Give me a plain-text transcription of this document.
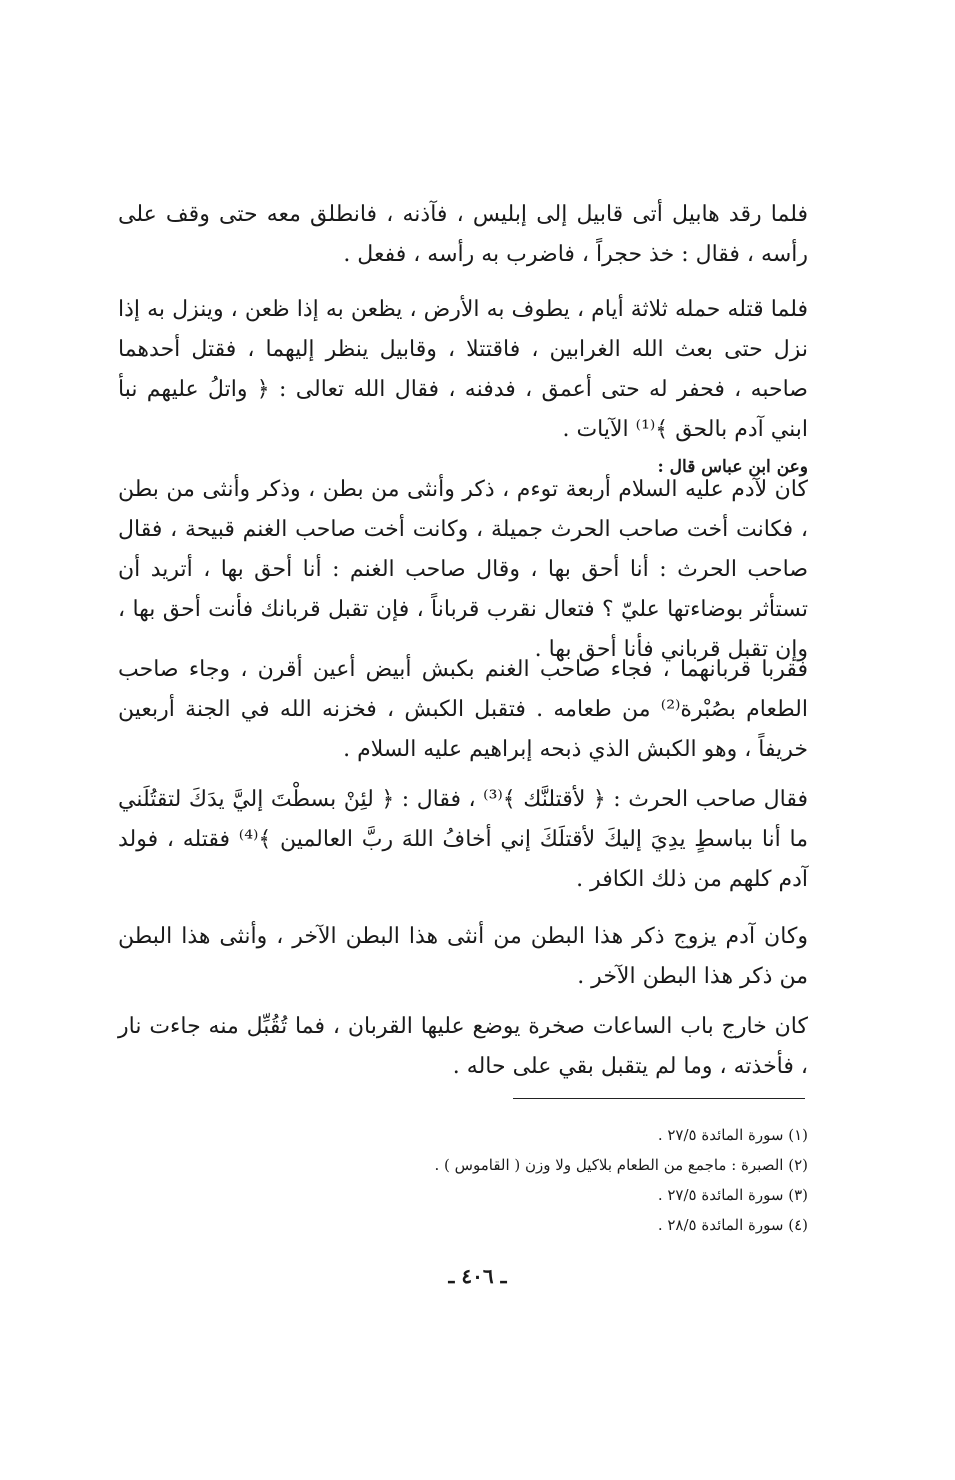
فلما رقد هابيل أتى قابيل إلى إبليس ، فآذنه ، فانطلق معه حتى وقف على رأسه ، فقال : خذ حجراً ، فاضرب به رأسه ، ففعل .

فلما قتله حمله ثلاثة أيام ، يطوف به الأرض ، يظعن به إذا ظعن ، وينزل به إذا نزل حتى بعث الله الغرابين ، فاقتتلا ، وقابيل ينظر إليهما ، فقتل أحدهما صاحبه ، فحفر له حتى أعمق ، فدفنه ، فقال الله تعالى : ﴿ واتلُ عليهم نبأ ابني آدم بالحق ﴾⁽¹⁾ الآيات .

وعن ابن عباس قال :

كان لآدم عليه السلام أربعة توءم ، ذكر وأنثى من بطن ، وذكر وأنثى من بطن ، فكانت أخت صاحب الحرث جميلة ، وكانت أخت صاحب الغنم قبيحة ، فقال صاحب الحرث : أنا أحق بها ، وقال صاحب الغنم : أنا أحق بها ، أتريد أن تستأثر بوضاءتها عليّ ؟ فتعال نقرب قرباناً ، فإن تقبل قربانك فأنت أحق بها ، وإن تقبل قرباني فأنا أحق بها .

فقربا قربانهما ، فجاء صاحب الغنم بكبش أبيض أعين أقرن ، وجاء صاحب الطعام بصُبْرة⁽²⁾ من طعامه . فتقبل الكبش ، فخزنه الله في الجنة أربعين خريفاً ، وهو الكبش الذي ذبحه إبراهيم عليه السلام .

فقال صاحب الحرث : ﴿ لأقتلنَّك ﴾⁽³⁾ ، فقال : ﴿ لئِنْ بسطْتَ إليَّ يدَكَ لتقتُلَني ما أنا بباسطٍ يدِيَ إليكَ لأقتلَكَ إني أخافُ اللهَ ربَّ العالمين ﴾⁽⁴⁾ فقتله ، فولد آدم كلهم من ذلك الكافر .

وكان آدم يزوج ذكر هذا البطن من أنثى هذا البطن الآخر ، وأنثى هذا البطن من ذكر هذا البطن الآخر .

كان خارج باب الساعات صخرة يوضع عليها القربان ، فما تُقُبِّل منه جاءت نار ، فأخذته ، وما لم يتقبل بقي على حاله .

(١) سورة المائدة ٢٧/٥ .

(٢) الصبرة : ماجمع من الطعام بلاكيل ولا وزن ( القاموس ) .

(٣) سورة المائدة ٢٧/٥ .

(٤) سورة المائدة ٢٨/٥ .

ـ ٤٠٦ ـ
